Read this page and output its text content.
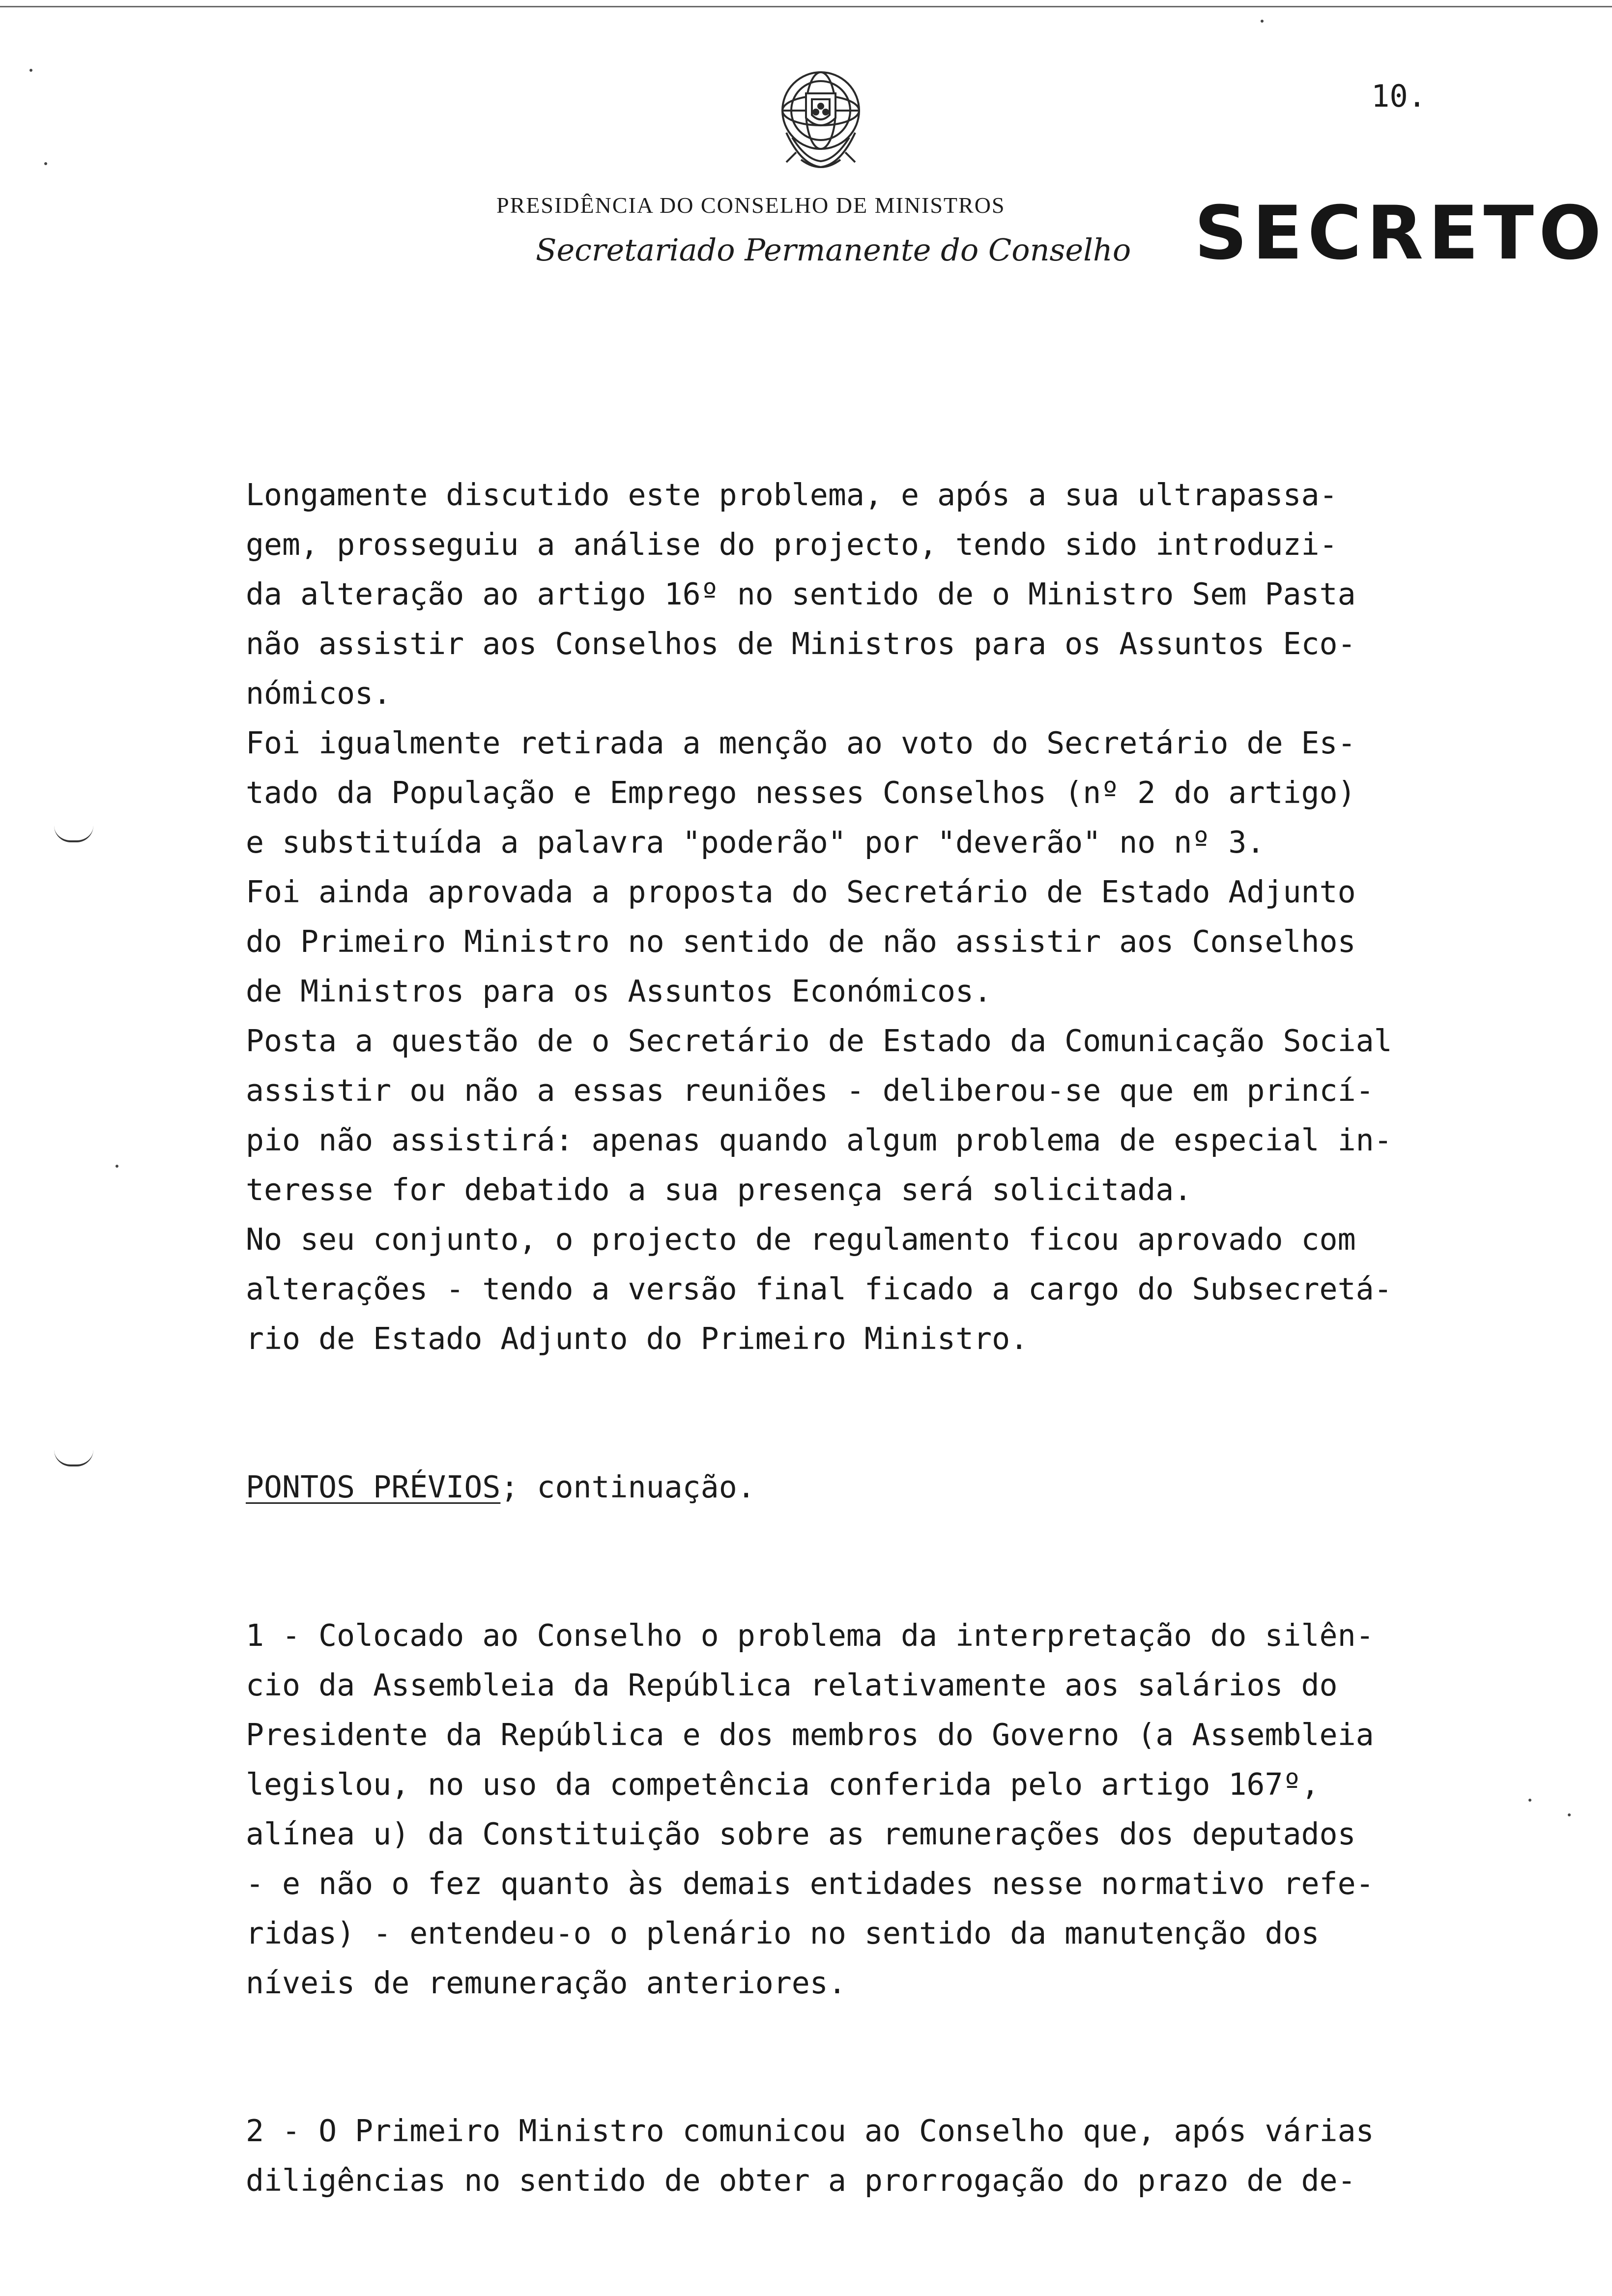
10.
PRESIDÊNCIA DO CONSELHO DE MINISTROS
Secretariado Permanente do Conselho SECRETO
Longamente discutido este problema, e após a sua ultrapassa-
gem, prosseguiu a análise do projecto, tendo sido introduzi-
da alteração ao artigo 16º no sentido de o Ministro Sem Pasta
não assistir aos Conselhos de Ministros para os Assuntos Eco-
nómicos.
Foi igualmente retirada a menção ao voto do Secretário de Es-
tado da População e Emprego nesses Conselhos (nº 2 do artigo)
e substituída a palavra "poderão" por "deverão" no nº 3.
Foi ainda aprovada a proposta do Secretário de Estado Adjunto
do Primeiro Ministro no sentido de não assistir aos Conselhos
de Ministros para os Assuntos Económicos.
Posta a questão de o Secretário de Estado da Comunicação Social
assistir ou não a essas reuniões - deliberou-se que em princí-
pio não assistirá: apenas quando algum problema de especial in-
teresse for debatido a sua presença será solicitada.
No seu conjunto, o projecto de regulamento ficou aprovado com
alterações - tendo a versão final ficado a cargo do Subsecretá-
rio de Estado Adjunto do Primeiro Ministro.
PONTOS PRÉVIOS; continuação.
1 - Colocado ao Conselho o problema da interpretação do silên-
cio da Assembleia da República relativamente aos salários do
Presidente da República e dos membros do Governo (a Assembleia
legislou, no uso da competência conferida pelo artigo 167º,
alínea u) da Constituição sobre as remunerações dos deputados
- e não o fez quanto às demais entidades nesse normativo refe-
ridas) - entendeu-o o plenário no sentido da manutenção dos
níveis de remuneração anteriores.
2 - O Primeiro Ministro comunicou ao Conselho que, após várias
diligências no sentido de obter a prorrogação do prazo de de-
